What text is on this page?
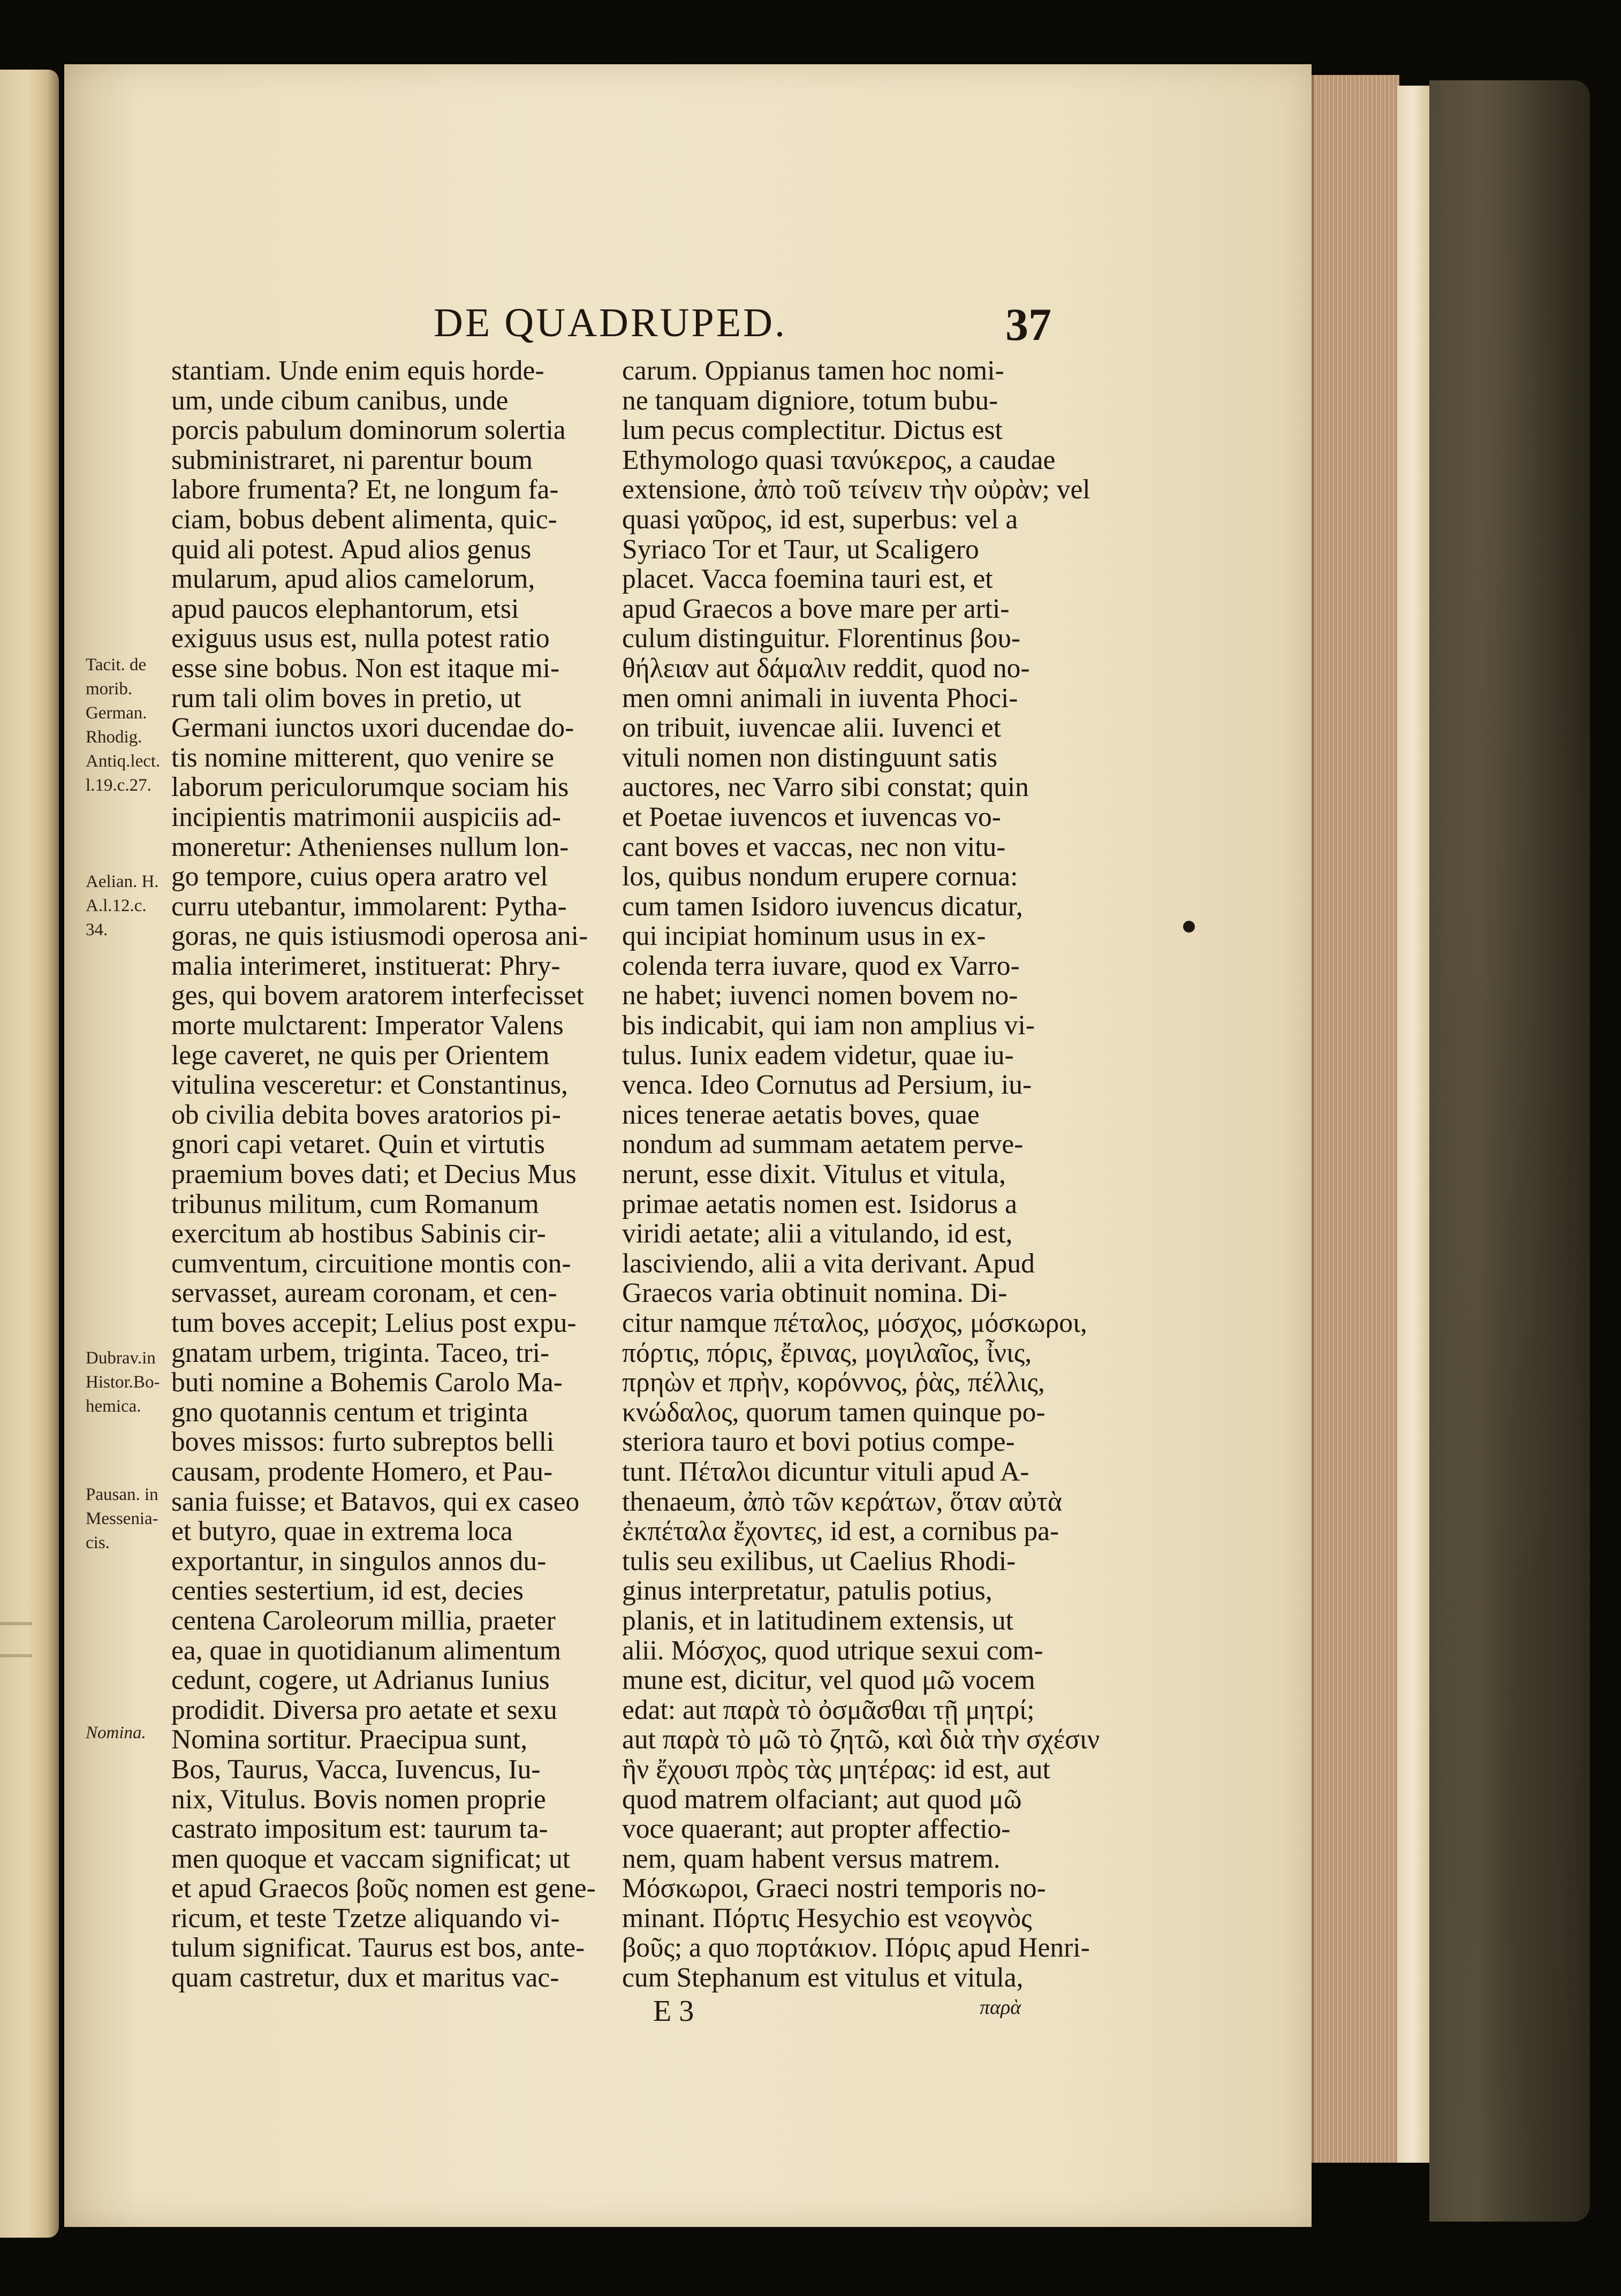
DE QUADRUPED.	37
Tacit. de
morib.
German.
Rhodig.
Antiq.lect.
l.19.c.27.
Aelian. H.
A.l.12.c.
34.
Dubrav.in
Histor.Bo-
hemica.
Pausan. in
Messenia-
cis.
Nomina.
stantiam. Unde enim equis horde-
um, unde cibum canibus, unde
porcis pabulum dominorum solertia
subministraret, ni parentur boum
labore frumenta? Et, ne longum fa-
ciam, bobus debent alimenta, quic-
quid ali potest. Apud alios genus
mularum, apud alios camelorum,
apud paucos elephantorum, etsi
exiguus usus est, nulla potest ratio
esse sine bobus. Non est itaque mi-
rum tali olim boves in pretio, ut
Germani iunctos uxori ducendae do-
tis nomine mitterent, quo venire se
laborum periculorumque sociam his
incipientis matrimonii auspiciis ad-
moneretur: Athenienses nullum lon-
go tempore, cuius opera aratro vel
curru utebantur, immolarent: Pytha-
goras, ne quis istiusmodi operosa ani-
malia interimeret, instituerat: Phry-
ges, qui bovem aratorem interfecisset
morte mulctarent: Imperator Valens
lege caveret, ne quis per Orientem
vitulina vesceretur: et Constantinus,
ob civilia debita boves aratorios pi-
gnori capi vetaret. Quin et virtutis
praemium boves dati; et Decius Mus
tribunus militum, cum Romanum
exercitum ab hostibus Sabinis cir-
cumventum, circuitione montis con-
servasset, auream coronam, et cen-
tum boves accepit; Lelius post expu-
gnatam urbem, triginta. Taceo, tri-
buti nomine a Bohemis Carolo Ma-
gno quotannis centum et triginta
boves missos: furto subreptos belli
causam, prodente Homero, et Pau-
sania fuisse; et Batavos, qui ex caseo
et butyro, quae in extrema loca
exportantur, in singulos annos du-
centies sestertium, id est, decies
centena Caroleorum millia, praeter
ea, quae in quotidianum alimentum
cedunt, cogere, ut Adrianus Iunius
prodidit. Diversa pro aetate et sexu
Nomina sortitur. Praecipua sunt,
Bos, Taurus, Vacca, Iuvencus, Iu-
nix, Vitulus. Bovis nomen proprie
castrato impositum est: taurum ta-
men quoque et vaccam significat; ut
et apud Graecos βοῦς nomen est gene-
ricum, et teste Tzetze aliquando vi-
tulum significat. Taurus est bos, ante-
quam castretur, dux et maritus vac-
carum. Oppianus tamen hoc nomi-
ne tanquam digniore, totum bubu-
lum pecus complectitur. Dictus est
Ethymologo quasi τανύκερος, a caudae
extensione, ἀπὸ τοῦ τείνειν τὴν οὐρὰν; vel
quasi γαῦρος, id est, superbus: vel a
Syriaco Tor et Taur, ut Scaligero
placet. Vacca foemina tauri est, et
apud Graecos a bove mare per arti-
culum distinguitur. Florentinus βου-
θήλειαν aut δάμαλιν reddit, quod no-
men omni animali in iuventa Phoci-
on tribuit, iuvencae alii. Iuvenci et
vituli nomen non distinguunt satis
auctores, nec Varro sibi constat; quin
et Poetae iuvencos et iuvencas vo-
cant boves et vaccas, nec non vitu-
los, quibus nondum erupere cornua:
cum tamen Isidoro iuvencus dicatur,
qui incipiat hominum usus in ex-
colenda terra iuvare, quod ex Varro-
ne habet; iuvenci nomen bovem no-
bis indicabit, qui iam non amplius vi-
tulus. Iunix eadem videtur, quae iu-
venca. Ideo Cornutus ad Persium, iu-
nices tenerae aetatis boves, quae
nondum ad summam aetatem perve-
nerunt, esse dixit. Vitulus et vitula,
primae aetatis nomen est. Isidorus a
viridi aetate; alii a vitulando, id est,
lasciviendo, alii a vita derivant. Apud
Graecos varia obtinuit nomina. Di-
citur namque πέταλος, μόσχος, μόσκωροι,
πόρτις, πόρις, ἔρινας, μογιλαῖος, ἶνις,
πρηὼν et πρὴν, κορόννος, ῥὰς, πέλλις,
κνώδαλος, quorum tamen quinque po-
steriora tauro et bovi potius compe-
tunt. Πέταλοι dicuntur vituli apud A-
thenaeum, ἀπὸ τῶν κεράτων, ὅταν αὐτὰ
ἐκπέταλα ἔχοντες, id est, a cornibus pa-
tulis seu exilibus, ut Caelius Rhodi-
ginus interpretatur, patulis potius,
planis, et in latitudinem extensis, ut
alii. Μόσχος, quod utrique sexui com-
mune est, dicitur, vel quod μῶ vocem
edat: aut παρὰ τὸ ὀσμᾶσθαι τῇ μητρί;
aut παρὰ τὸ μῶ τὸ ζητῶ, καὶ διὰ τὴν σχέσιν
ἣν ἔχουσι πρὸς τὰς μητέρας: id est, aut
quod matrem olfaciant; aut quod μῶ
voce quaerant; aut propter affectio-
nem, quam habent versus matrem.
Μόσκωροι, Graeci nostri temporis no-
minant. Πόρτις Hesychio est νεογνὸς
βοῦς; a quo πορτάκιον. Πόρις apud Henri-
cum Stephanum est vitulus et vitula,
E 3	παρὰ
